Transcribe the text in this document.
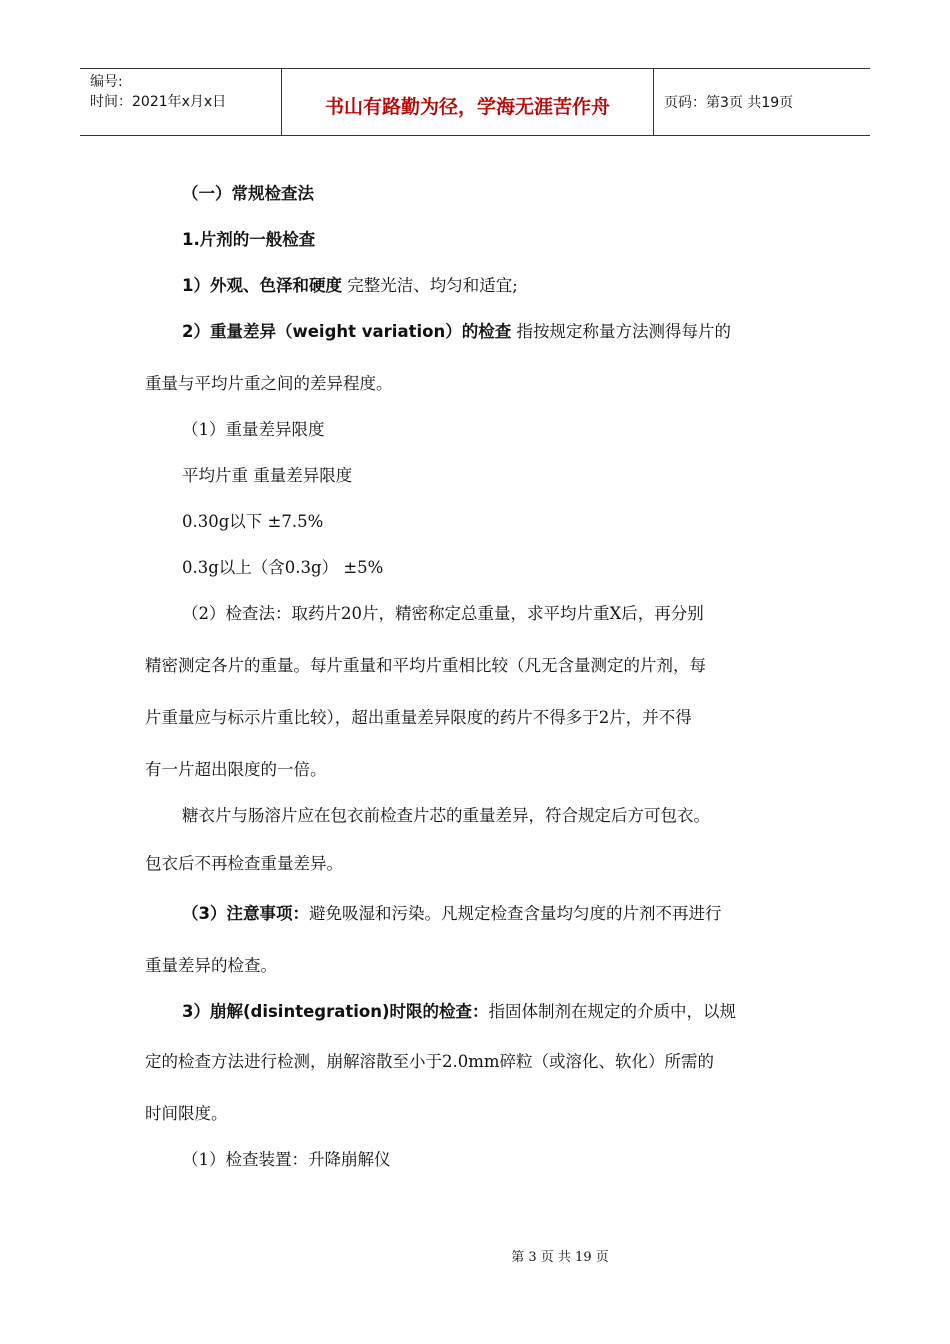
编号:
时间：2021年x月x日	书山有路勤为径，学海无涯苦作舟	页码：第3页 共19页
（一）常规检查法
1.片剂的一般检查
1）外观、色泽和硬度 完整光洁、均匀和适宜;
2）重量差异（weight variation）的检查 指按规定称量方法测得每片的
重量与平均片重之间的差异程度。
（1）重量差异限度
平均片重 重量差异限度
0.30g以下 ±7.5%
0.3g以上（含0.3g） ±5%
（2）检查法：取药片20片，精密称定总重量，求平均片重X后，再分别
精密测定各片的重量。每片重量和平均片重相比较（凡无含量测定的片剂，每
片重量应与标示片重比较），超出重量差异限度的药片不得多于2片，并不得
有一片超出限度的一倍。
糖衣片与肠溶片应在包衣前检查片芯的重量差异，符合规定后方可包衣。
包衣后不再检查重量差异。
（3）注意事项：避免吸湿和污染。凡规定检查含量均匀度的片剂不再进行
重量差异的检查。
3）崩解(disintegration)时限的检查：指固体制剂在规定的介质中，以规
定的检查方法进行检测，崩解溶散至小于2.0mm碎粒（或溶化、软化）所需的
时间限度。
（1）检查装置：升降崩解仪
第 3 页 共 19 页
